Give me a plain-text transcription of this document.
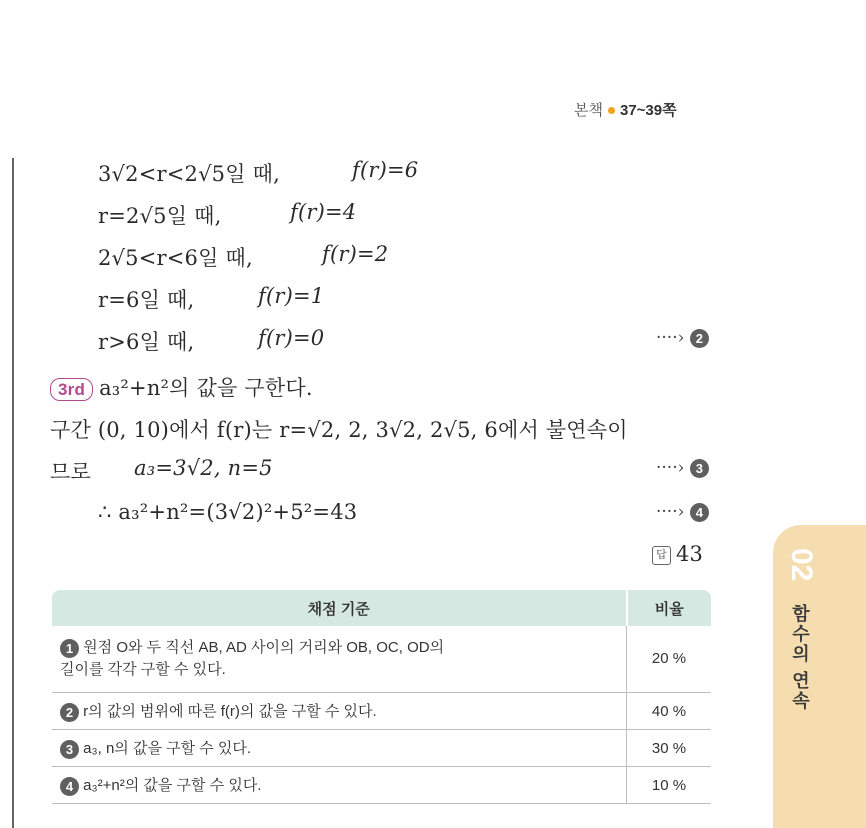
본책 37~39쪽
3√2<r<2√5일 때,	f(r)=6
r=2√5일 때,	f(r)=4
2√5<r<6일 때,	f(r)=2
r=6일 때,	f(r)=1
r>6일 때,	f(r)=0	····› 2
3rd a₃²+n²의 값을 구한다.
구간 (0, 10)에서 f(r)는 r=√2, 2, 3√2, 2√5, 6에서 불연속이
므로 a₃=3√2, n=5	····› 3
∴ a₃²+n²=(3√2)²+5²=43	····› 4
답 43	02
함수의 연속
채점 기준	비율
1 원점 O와 두 직선 AB, AD 사이의 거리와 OB, OC, OD의
길이를 각각 구할 수 있다.	20 %
2 r의 값의 범위에 따른 f(r)의 값을 구할 수 있다.	40 %
3 a₃, n의 값을 구할 수 있다.	30 %
4 a₃²+n²의 값을 구할 수 있다.	10 %
